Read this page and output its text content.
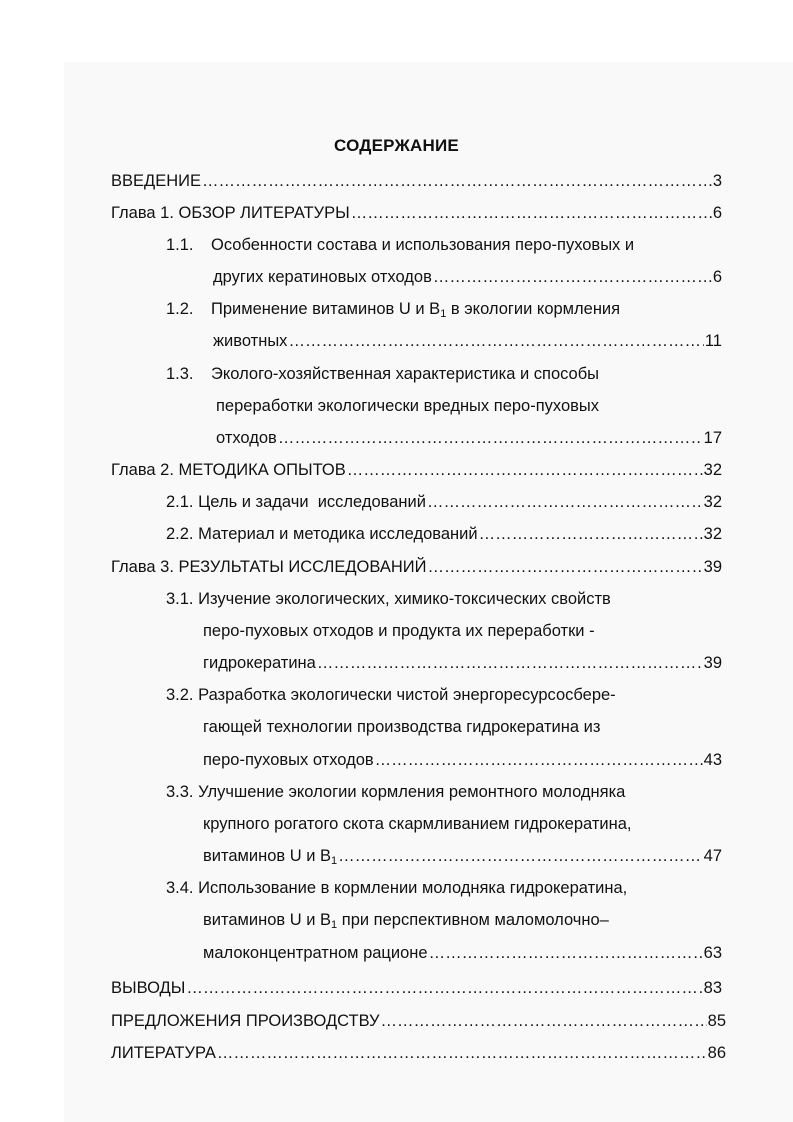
СОДЕРЖАНИЕ
ВВЕДЕНИЕ ………………………………………………………………………………………………………………………………………	3
Глава 1. ОБЗОР ЛИТЕРАТУРЫ ………………………………………………………………………………………………………………………………………	6
1.1. Особенности состава и использования перо-пуховых и
других кератиновых отходов ………………………………………………………………………………………………………………………………………	6
1.2. Применение витаминов U и $B_1$ в экологии кормления
животных ………………………………………………………………………………………………………………………………………	11
1.3. Эколого-хозяйственная характеристика и способы
переработки экологически вредных перо-пуховых
отходов ………………………………………………………………………………………………………………………………………	17
Глава 2. МЕТОДИКА ОПЫТОВ ………………………………………………………………………………………………………………………………………	32
2.1. Цель и задачи  исследований ………………………………………………………………………………………………………………………………………	32
2.2. Материал и методика исследований ………………………………………………………………………………………………………………………………………	32
Глава 3. РЕЗУЛЬТАТЫ ИССЛЕДОВАНИЙ ………………………………………………………………………………………………………………………………………	39
3.1. Изучение экологических, химико-токсических свойств
перо-пуховых отходов и продукта их переработки -
гидрокератина ………………………………………………………………………………………………………………………………………	39
3.2. Разработка экологически чистой энергоресурсосбере-
гающей технологии производства гидрокератина из
перо-пуховых отходов ………………………………………………………………………………………………………………………………………	43
3.3. Улучшение экологии кормления ремонтного молодняка
крупного рогатого скота скармливанием гидрокератина,
витаминов U и $B_1$ ………………………………………………………………………………………………………………………………………	47
3.4. Использование в кормлении молодняка гидрокератина,
витаминов U и $B_1$ при перспективном маломолочно–
малоконцентратном рационе ………………………………………………………………………………………………………………………………………	63
ВЫВОДЫ ………………………………………………………………………………………………………………………………………	83
ПРЕДЛОЖЕНИЯ ПРОИЗВОДСТВУ ………………………………………………………………………………………………………………………………………	85
ЛИТЕРАТУРА ………………………………………………………………………………………………………………………………………	86
